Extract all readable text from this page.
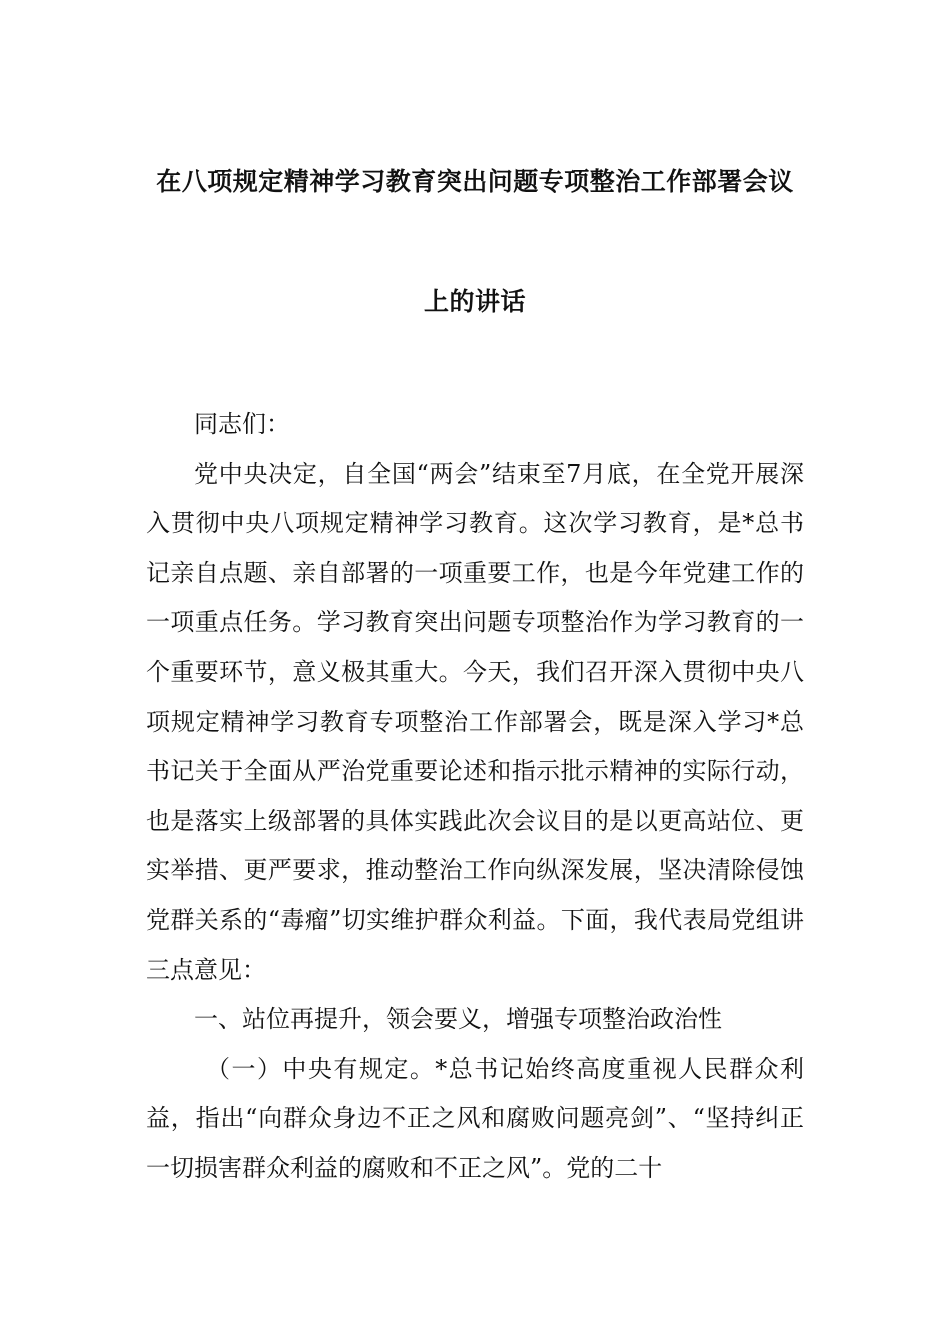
在八项规定精神学习教育突出问题专项整治工作部署会议
上的讲话

同志们：

党中央决定，自全国“两会”结束至7月底，在全党开展深入贯彻中央八项规定精神学习教育。这次学习教育，是*总书记亲自点题、亲自部署的一项重要工作，也是今年党建工作的一项重点任务。学习教育突出问题专项整治作为学习教育的一个重要环节，意义极其重大。今天，我们召开深入贯彻中央八项规定精神学习教育专项整治工作部署会，既是深入学习*总书记关于全面从严治党重要论述和指示批示精神的实际行动，也是落实上级部署的具体实践此次会议目的是以更高站位、更实举措、更严要求，推动整治工作向纵深发展，坚决清除侵蚀党群关系的“毒瘤”切实维护群众利益。下面，我代表局党组讲三点意见：

一、站位再提升，领会要义，增强专项整治政治性

（一）中央有规定。*总书记始终高度重视人民群众利益，指出“向群众身边不正之风和腐败问题亮剑”、“坚持纠正一切损害群众利益的腐败和不正之风”。党的二十
